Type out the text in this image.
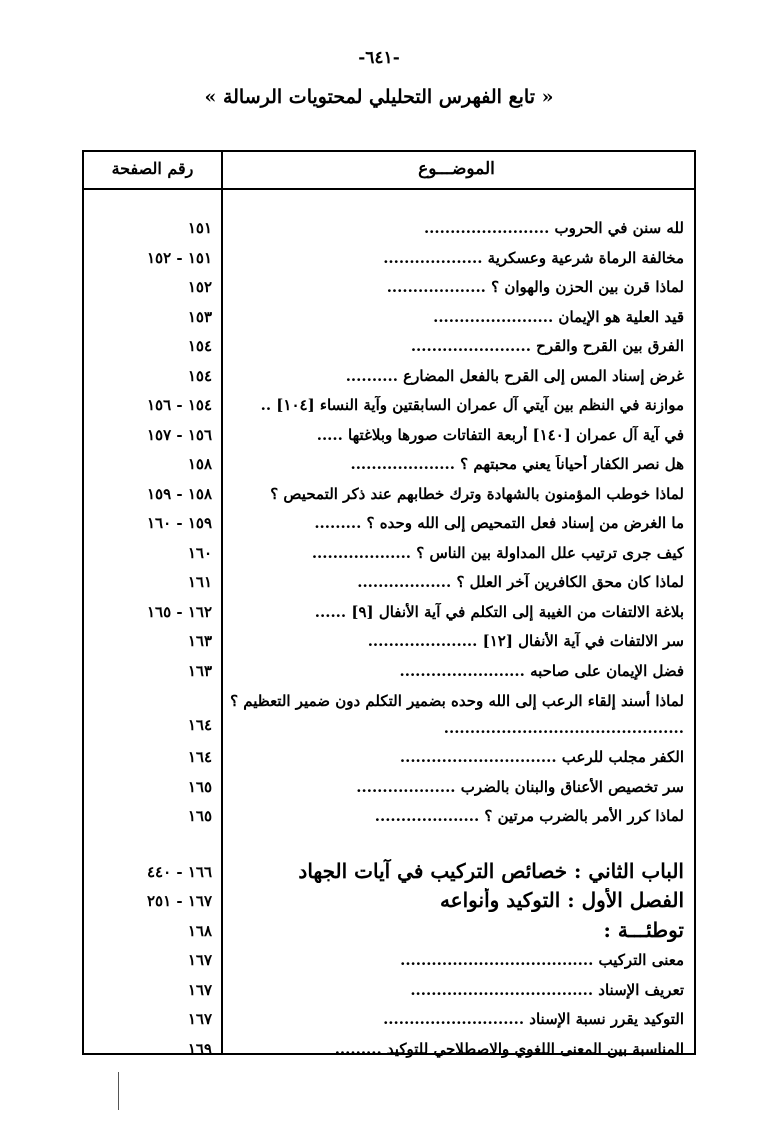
-٦٤١-
« تابع الفهرس التحليلي لمحتويات الرسالة »
الموضـــوع
رقم الصفحة
لله سنن في الحروب ........................
١٥١
مخالفة الرماة شرعية وعسكرية ...................
١٥١ - ١٥٢
لماذا قرن بين الحزن والهوان ؟ ...................
١٥٢
قيد العلية هو الإيمان .......................
١٥٣
الفرق بين القرح والقرح .......................
١٥٤
غرض إسناد المس إلى القرح بالفعل المضارع ..........
١٥٤
موازنة في النظم بين آيتي آل عمران السابقتين وآية النساء [١٠٤] ..
١٥٤ - ١٥٦
في آية آل عمران [١٤٠] أربعة التفاتات صورها وبلاغتها .....
١٥٦ - ١٥٧
هل نصر الكفار أحياناً يعني محبتهم ؟ ....................
١٥٨
لماذا خوطب المؤمنون بالشهادة وترك خطابهم عند ذكر التمحيص ؟
١٥٨ - ١٥٩
ما الغرض من إسناد فعل التمحيص إلى الله وحده ؟ .........
١٥٩ - ١٦٠
كيف جرى ترتيب علل المداولة بين الناس ؟ ...................
١٦٠
لماذا كان محق الكافرين آخر العلل ؟ ..................
١٦١
بلاغة الالتفات من الغيبة إلى التكلم في آية الأنفال [٩] ......
١٦٢ - ١٦٥
سر الالتفات في آية الأنفال [١٢] .....................
١٦٣
فضل الإيمان على صاحبه ........................
١٦٣
لماذا أسند إلقاء الرعب إلى الله وحده بضمير التكلم دون ضمير التعظيم ؟ ..............................................
١٦٤
الكفر مجلب للرعب ..............................
١٦٤
سر تخصيص الأعناق والبنان بالضرب ...................
١٦٥
لماذا كرر الأمر بالضرب مرتين ؟ ....................
١٦٥
الباب الثاني : خصائص التركيب في آيات الجهاد
١٦٦ - ٤٤٠
الفصل الأول : التوكيد وأنواعه
١٦٧ - ٢٥١
توطئـــة :
١٦٨
معنى التركيب .....................................
١٦٧
تعريف الإسناد ...................................
١٦٧
التوكيد يقرر نسبة الإسناد ...........................
١٦٧
المناسبة بين المعنى اللغوي والاصطلاحي للتوكيد .........
١٦٩
